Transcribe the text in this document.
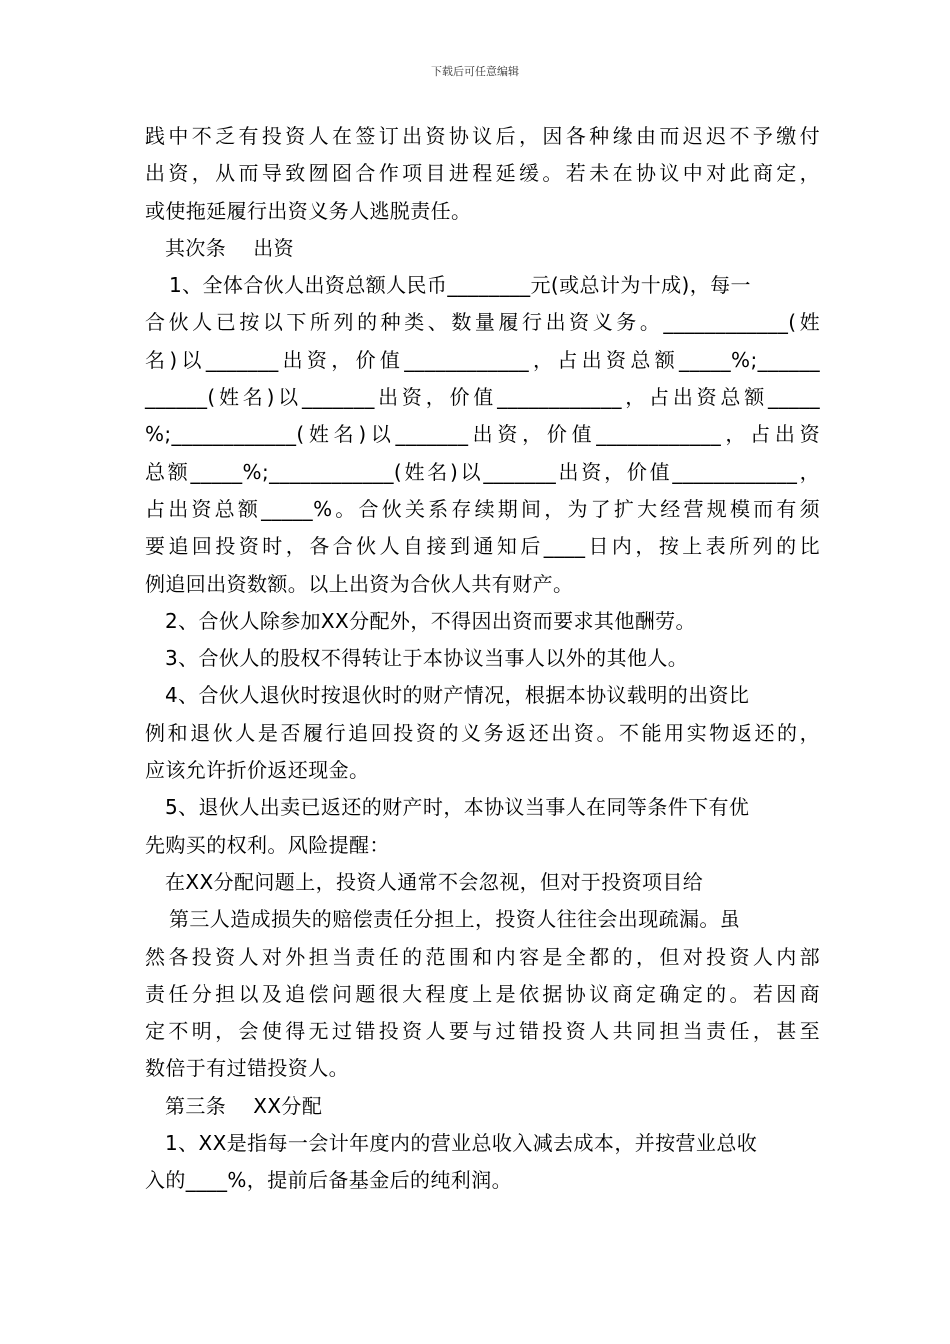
下载后可任意编辑
践中不乏有投资人在签订出资协议后，因各种缘由而迟迟不予缴付
出资，从而导致囫囵合作项目进程延缓。若未在协议中对此商定，
或使拖延履行出资义务人逃脱责任。
其次条    出资
1、全体合伙人出资总额人民币________元(或总计为十成)，每一
合伙人已按以下所列的种类、数量履行出资义务。____________(姓
名)以_______出资，价值____________，占出资总额_____%;______
______(姓名)以_______出资，价值____________，占出资总额_____
%;____________(姓名)以_______出资，价值____________，占出资
总额_____%;____________(姓名)以_______出资，价值____________，
占出资总额_____%。合伙关系存续期间，为了扩大经营规模而有须
要追回投资时，各合伙人自接到通知后____日内，按上表所列的比
例追回出资数额。以上出资为合伙人共有财产。
2、合伙人除参加XX分配外，不得因出资而要求其他酬劳。
3、合伙人的股权不得转让于本协议当事人以外的其他人。
4、合伙人退伙时按退伙时的财产情况，根据本协议载明的出资比
例和退伙人是否履行追回投资的义务返还出资。不能用实物返还的，
应该允许折价返还现金。
5、退伙人出卖已返还的财产时，本协议当事人在同等条件下有优
先购买的权利。风险提醒：
在XX分配问题上，投资人通常不会忽视，但对于投资项目给
第三人造成损失的赔偿责任分担上，投资人往往会出现疏漏。虽
然各投资人对外担当责任的范围和内容是全都的，但对投资人内部
责任分担以及追偿问题很大程度上是依据协议商定确定的。若因商
定不明，会使得无过错投资人要与过错投资人共同担当责任，甚至
数倍于有过错投资人。
第三条    XX分配
1、XX是指每一会计年度内的营业总收入减去成本，并按营业总收
入的____%，提前后备基金后的纯利润。
